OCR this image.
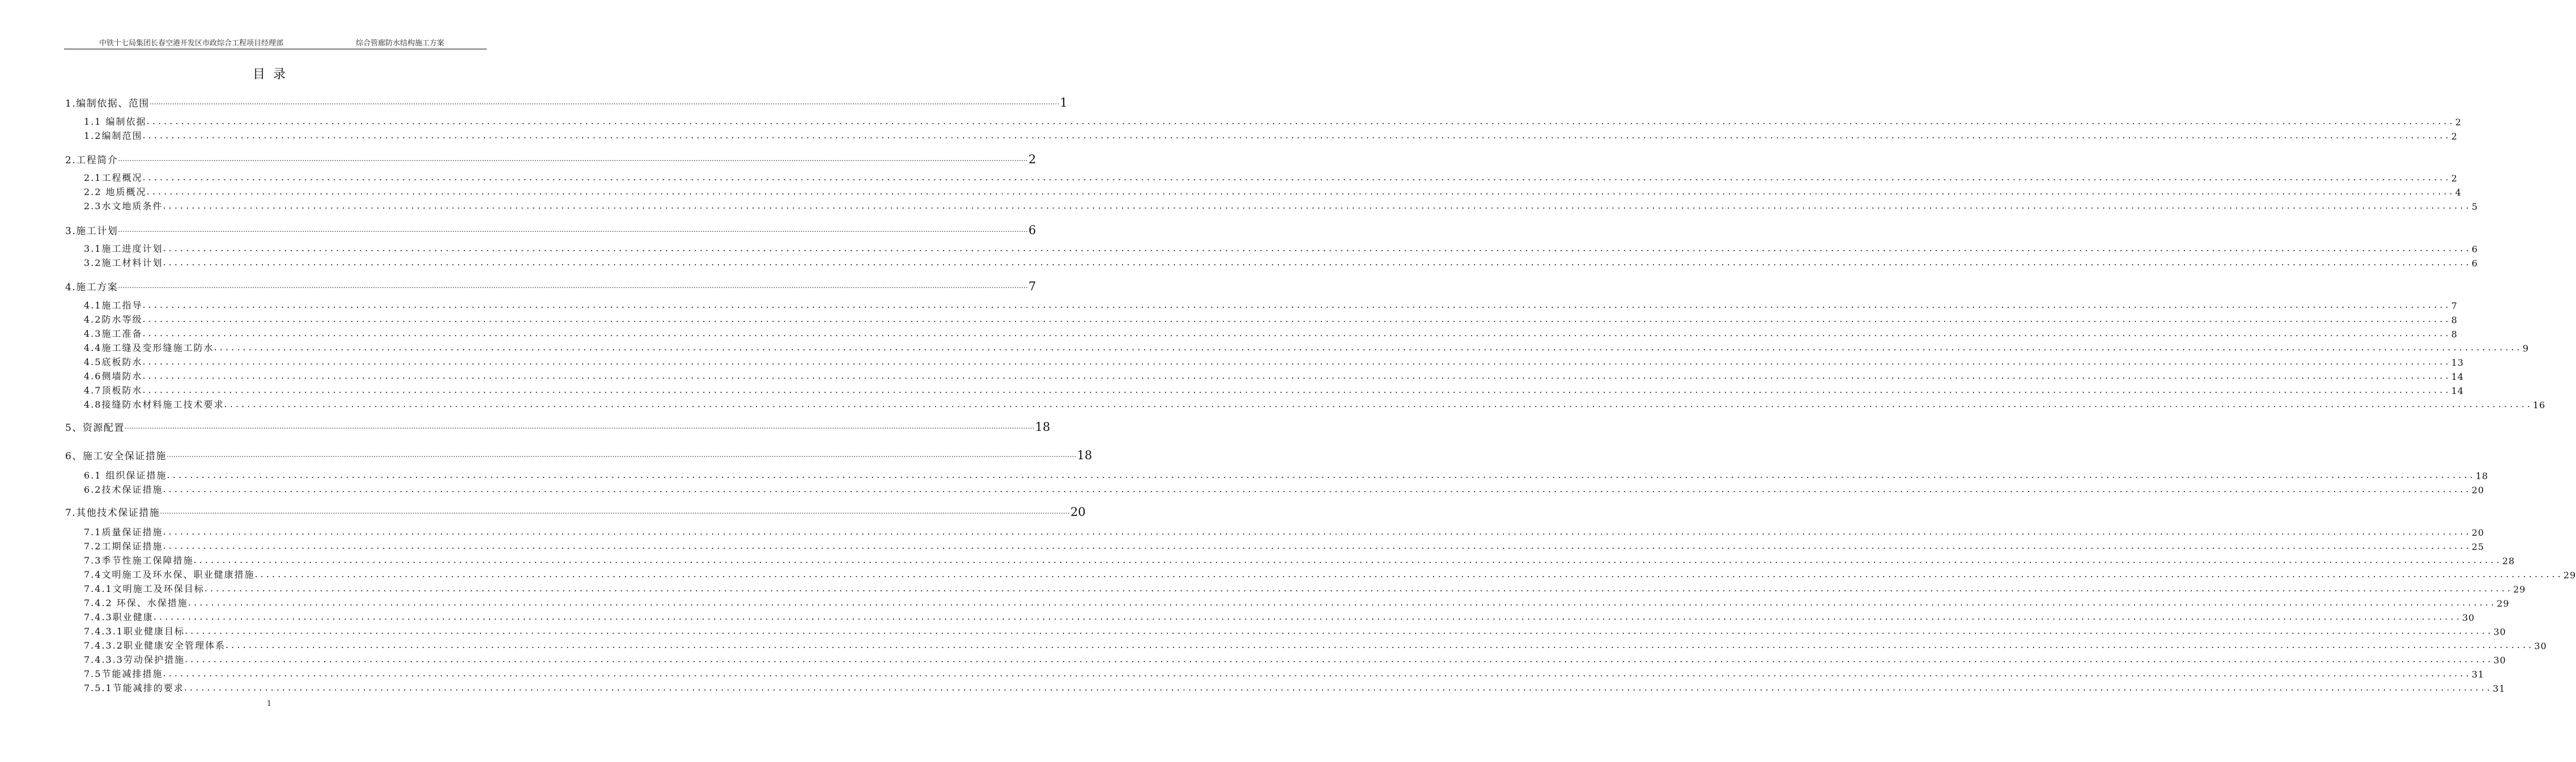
中铁十七局集团长春空港开发区市政综合工程项目经理部	综合管廊防水结构施工方案
目录
1.编制依据、范围 ................................................................................................................................................................................................................................................................................................................................................................................................................ 1
1.1 编制依据 ................................................................................................................................................................................................................................................................................................................................................................................................................ 2
1.2编制范围 ................................................................................................................................................................................................................................................................................................................................................................................................................ 2
2.工程简介 ................................................................................................................................................................................................................................................................................................................................................................................................................ 2
2.1工程概况 ................................................................................................................................................................................................................................................................................................................................................................................................................ 2
2.2 地质概况 ................................................................................................................................................................................................................................................................................................................................................................................................................ 4
2.3水文地质条件 ................................................................................................................................................................................................................................................................................................................................................................................................................ 5
3.施工计划 ................................................................................................................................................................................................................................................................................................................................................................................................................ 6
3.1施工进度计划 ................................................................................................................................................................................................................................................................................................................................................................................................................ 6
3.2施工材料计划 ................................................................................................................................................................................................................................................................................................................................................................................................................ 6
4.施工方案 ................................................................................................................................................................................................................................................................................................................................................................................................................ 7
4.1施工指导 ................................................................................................................................................................................................................................................................................................................................................................................................................ 7
4.2防水等级 ................................................................................................................................................................................................................................................................................................................................................................................................................ 8
4.3施工准备 ................................................................................................................................................................................................................................................................................................................................................................................................................ 8
4.4施工缝及变形缝施工防水 ................................................................................................................................................................................................................................................................................................................................................................................................................ 9
4.5底板防水 ................................................................................................................................................................................................................................................................................................................................................................................................................ 13
4.6侧墙防水 ................................................................................................................................................................................................................................................................................................................................................................................................................ 14
4.7顶板防水 ................................................................................................................................................................................................................................................................................................................................................................................................................ 14
4.8接缝防水材料施工技术要求 ................................................................................................................................................................................................................................................................................................................................................................................................................ 16
5、资源配置 ................................................................................................................................................................................................................................................................................................................................................................................................................ 18
6、施工安全保证措施 ................................................................................................................................................................................................................................................................................................................................................................................................................ 18
6.1 组织保证措施 ................................................................................................................................................................................................................................................................................................................................................................................................................ 18
6.2技术保证措施 ................................................................................................................................................................................................................................................................................................................................................................................................................ 20
7.其他技术保证措施 ................................................................................................................................................................................................................................................................................................................................................................................................................ 20
7.1质量保证措施 ................................................................................................................................................................................................................................................................................................................................................................................................................ 20
7.2工期保证措施 ................................................................................................................................................................................................................................................................................................................................................................................................................ 25
7.3季节性施工保障措施 ................................................................................................................................................................................................................................................................................................................................................................................................................ 28
7.4文明施工及环水保、职业健康措施 ................................................................................................................................................................................................................................................................................................................................................................................................................ 29
7.4.1文明施工及环保目标 ................................................................................................................................................................................................................................................................................................................................................................................................................ 29
7.4.2 环保、水保措施 ................................................................................................................................................................................................................................................................................................................................................................................................................ 29
7.4.3职业健康 ................................................................................................................................................................................................................................................................................................................................................................................................................ 30
7.4.3.1职业健康目标 ................................................................................................................................................................................................................................................................................................................................................................................................................ 30
7.4.3.2职业健康安全管理体系 ................................................................................................................................................................................................................................................................................................................................................................................................................ 30
7.4.3.3劳动保护措施 ................................................................................................................................................................................................................................................................................................................................................................................................................ 30
7.5节能减排措施 ................................................................................................................................................................................................................................................................................................................................................................................................................ 31
7.5.1节能减排的要求 ................................................................................................................................................................................................................................................................................................................................................................................................................ 31
1
